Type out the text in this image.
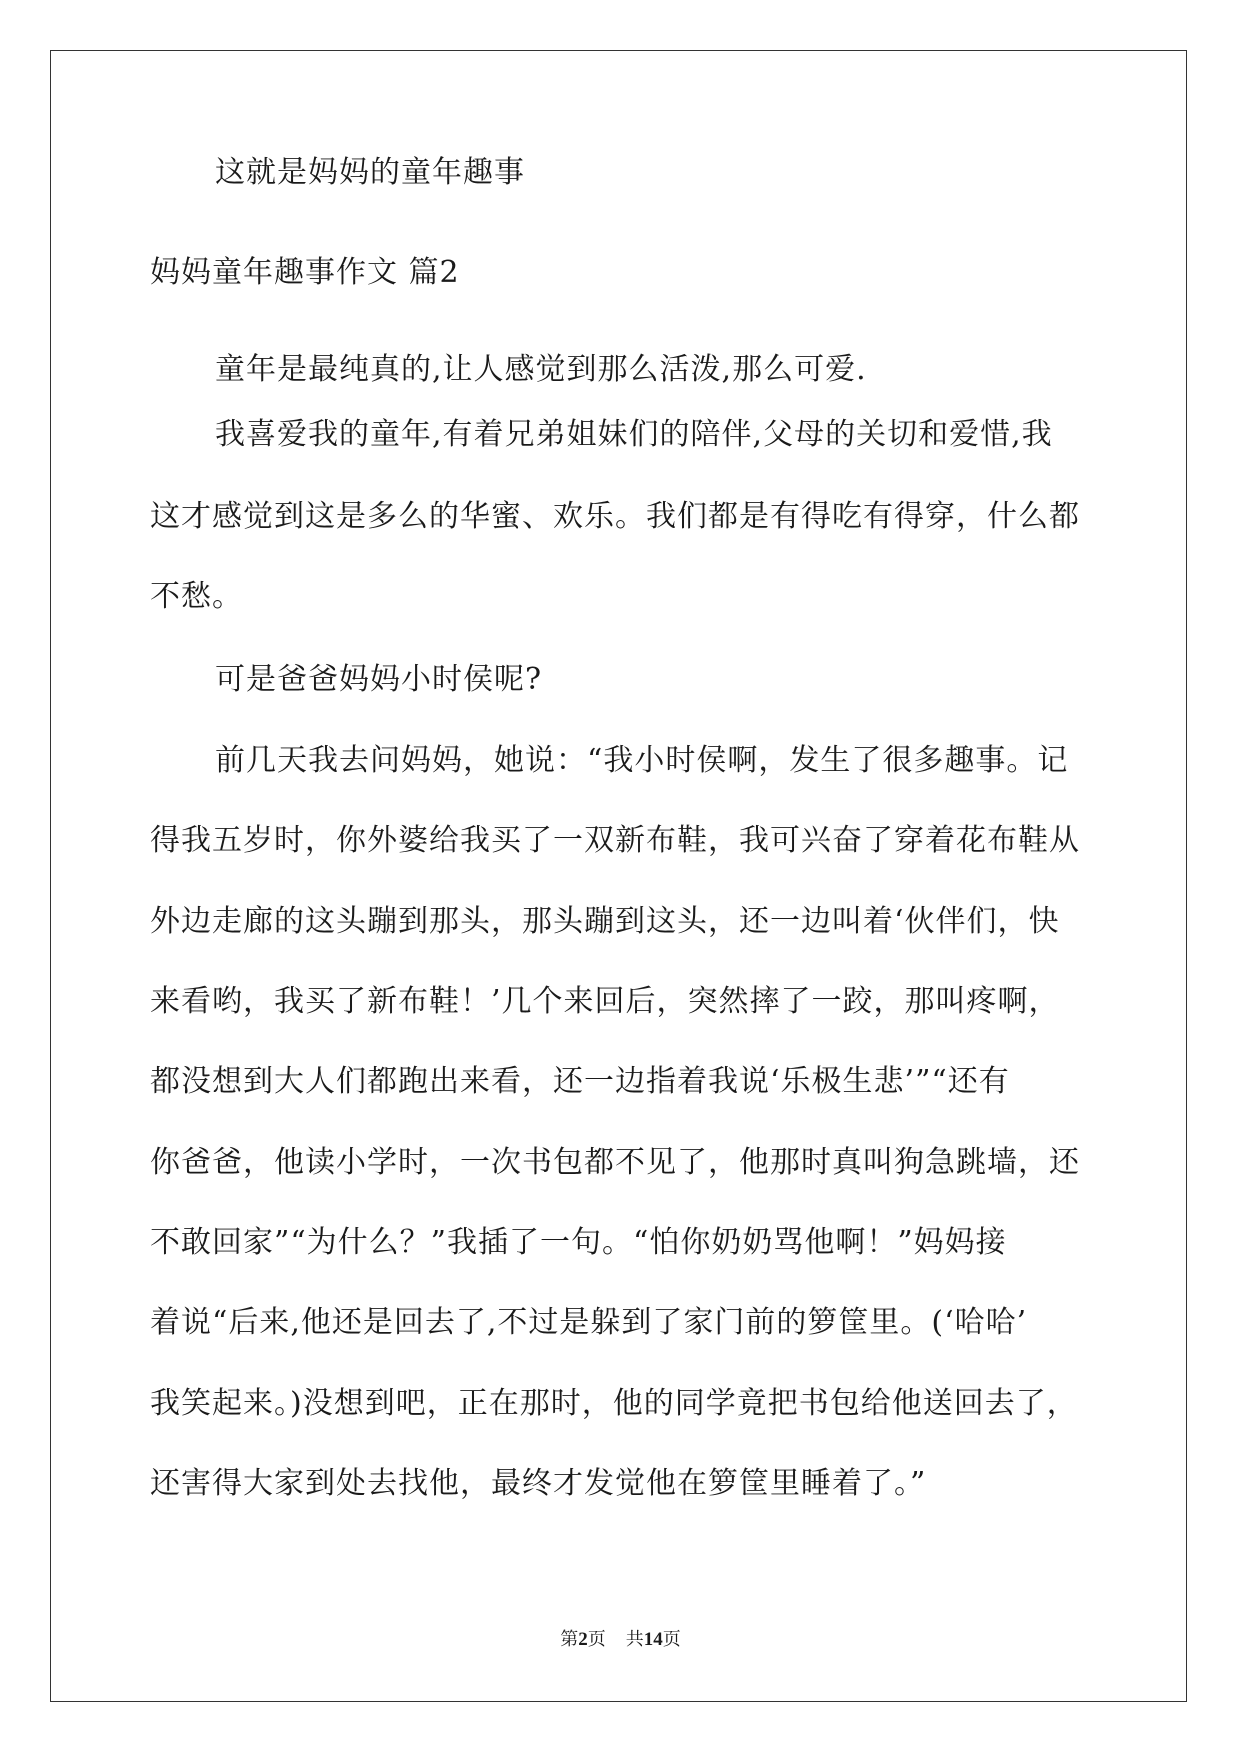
这就是妈妈的童年趣事
妈妈童年趣事作文 篇2
童年是最纯真的,让人感觉到那么活泼,那么可爱.
我喜爱我的童年,有着兄弟姐妹们的陪伴,父母的关切和爱惜,我
这才感觉到这是多么的华蜜、欢乐。我们都是有得吃有得穿，什么都
不愁。
可是爸爸妈妈小时侯呢?
前几天我去问妈妈，她说：“我小时侯啊，发生了很多趣事。记
得我五岁时，你外婆给我买了一双新布鞋，我可兴奋了穿着花布鞋从
外边走廊的这头蹦到那头，那头蹦到这头，还一边叫着‘伙伴们，快
来看哟，我买了新布鞋！’几个来回后，突然摔了一跤，那叫疼啊，
都没想到大人们都跑出来看，还一边指着我说‘乐极生悲’”“还有
你爸爸，他读小学时，一次书包都不见了，他那时真叫狗急跳墙，还
不敢回家”“为什么？”我插了一句。“怕你奶奶骂他啊！”妈妈接
着说“后来,他还是回去了,不过是躲到了家门前的箩筐里。(‘哈哈’
我笑起来。)没想到吧，正在那时，他的同学竟把书包给他送回去了，
还害得大家到处去找他，最终才发觉他在箩筐里睡着了。”
第2页 共14页
